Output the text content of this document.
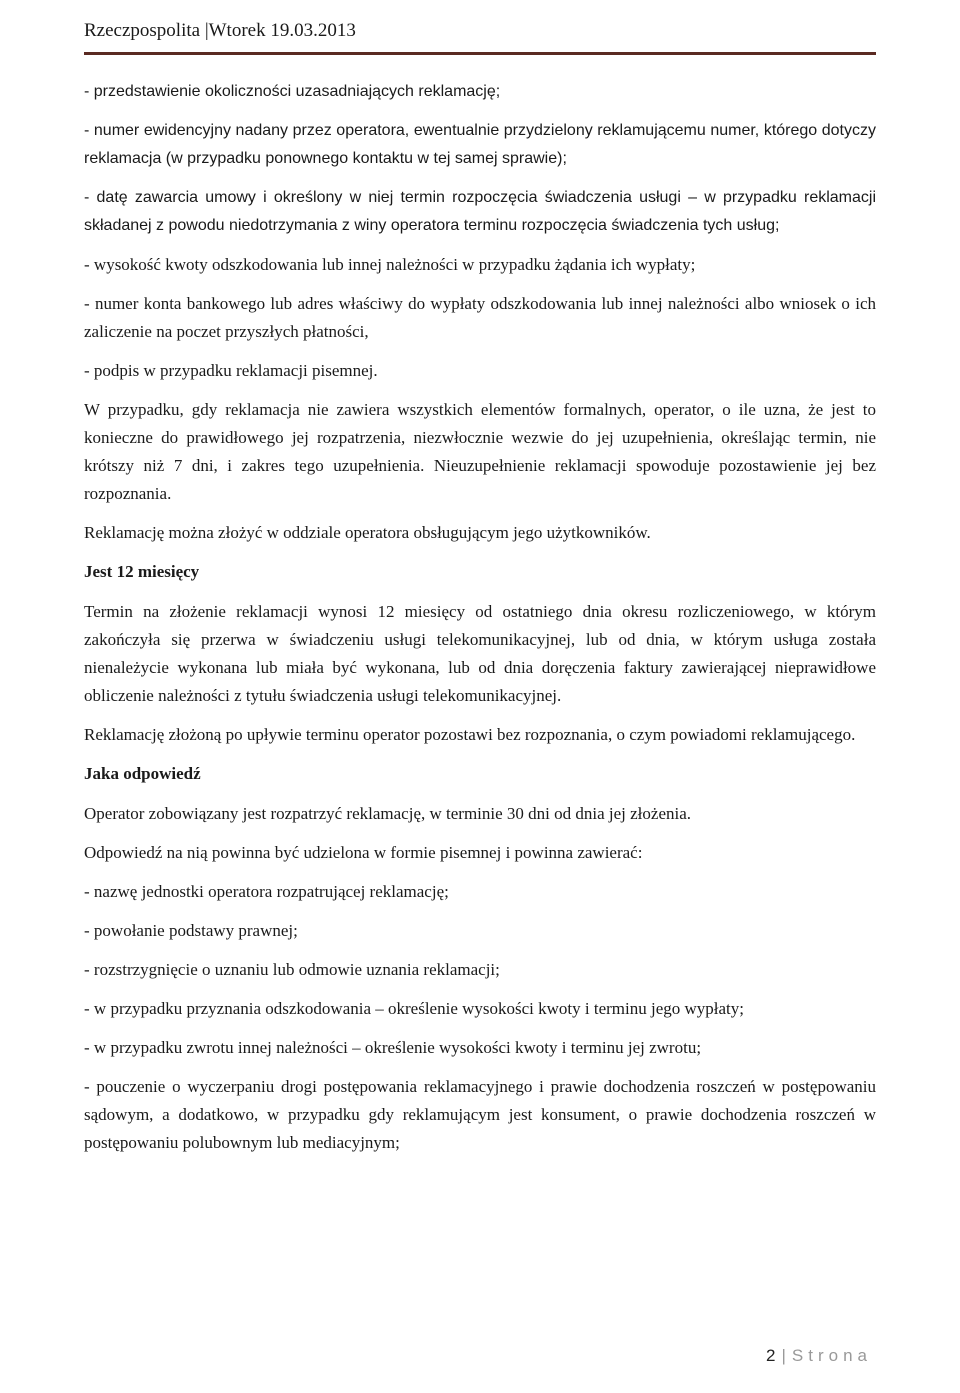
Rzeczpospolita |Wtorek 19.03.2013

- przedstawienie okoliczności uzasadniających reklamację;

- numer ewidencyjny nadany przez operatora, ewentualnie przydzielony reklamującemu numer, którego dotyczy reklamacja (w przypadku ponownego kontaktu w tej samej sprawie);

- datę zawarcia umowy i określony w niej termin rozpoczęcia świadczenia usługi – w przypadku reklamacji składanej z powodu niedotrzymania z winy operatora terminu rozpoczęcia świadczenia tych usług;

- wysokość kwoty odszkodowania lub innej należności w przypadku żądania ich wypłaty;

- numer konta bankowego lub adres właściwy do wypłaty odszkodowania lub innej należności albo wniosek o ich zaliczenie na poczet przyszłych płatności,

- podpis w przypadku reklamacji pisemnej.

W przypadku, gdy reklamacja nie zawiera wszystkich elementów formalnych, operator, o ile uzna, że jest to konieczne do prawidłowego jej rozpatrzenia, niezwłocznie wezwie do jej uzupełnienia, określając termin, nie krótszy niż 7 dni, i zakres tego uzupełnienia. Nieuzupełnienie reklamacji spowoduje pozostawienie jej bez rozpoznania.

Reklamację można złożyć w oddziale operatora obsługującym jego użytkowników.

Jest 12 miesięcy

Termin na złożenie reklamacji wynosi 12 miesięcy od ostatniego dnia okresu rozliczeniowego, w którym zakończyła się przerwa w świadczeniu usługi telekomunikacyjnej, lub od dnia, w którym usługa została nienależycie wykonana lub miała być wykonana, lub od dnia doręczenia faktury zawierającej nieprawidłowe obliczenie należności z tytułu świadczenia usługi telekomunikacyjnej.

Reklamację złożoną po upływie terminu operator pozostawi bez rozpoznania, o czym powiadomi reklamującego.

Jaka odpowiedź

Operator zobowiązany jest rozpatrzyć reklamację, w terminie 30 dni od dnia jej złożenia.

Odpowiedź na nią powinna być udzielona w formie pisemnej i powinna zawierać:

- nazwę jednostki operatora rozpatrującej reklamację;

- powołanie podstawy prawnej;

- rozstrzygnięcie o uznaniu lub odmowie uznania reklamacji;

- w przypadku przyznania odszkodowania – określenie wysokości kwoty i terminu jego wypłaty;

- w przypadku zwrotu innej należności – określenie wysokości kwoty i terminu jej zwrotu;

- pouczenie o wyczerpaniu drogi postępowania reklamacyjnego i prawie dochodzenia roszczeń w postępowaniu sądowym, a dodatkowo, w przypadku gdy reklamującym jest konsument, o prawie dochodzenia roszczeń w postępowaniu polubownym lub mediacyjnym;

2 | Strona
